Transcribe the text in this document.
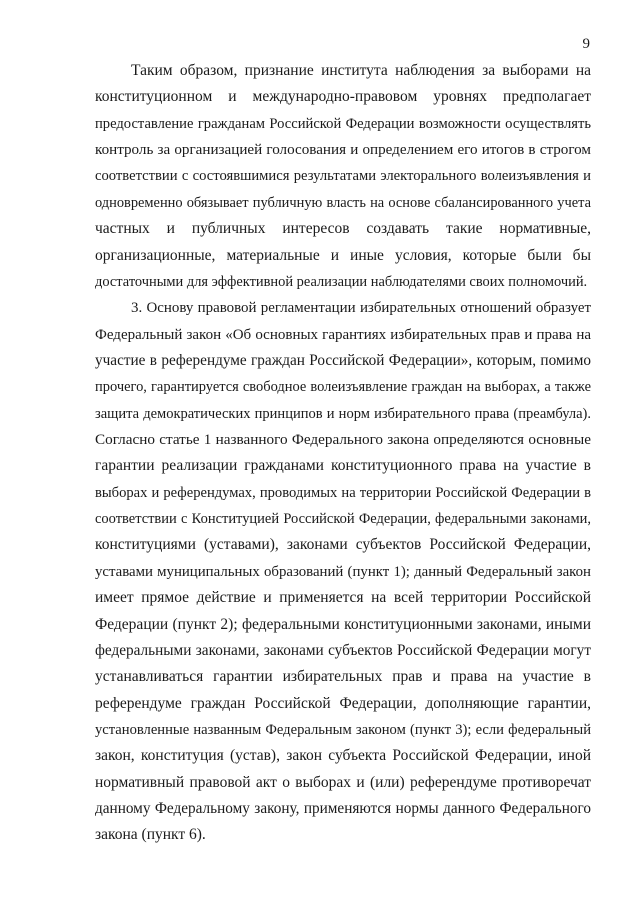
9
Таким образом, признание института наблюдения за выборами на
конституционном и международно-правовом уровнях предполагает
предоставление гражданам Российской Федерации возможности осуществлять
контроль за организацией голосования и определением его итогов в строгом
соответствии с состоявшимися результатами электорального волеизъявления и
одновременно обязывает публичную власть на основе сбалансированного учета
частных и публичных интересов создавать такие нормативные,
организационные, материальные и иные условия, которые были бы
достаточными для эффективной реализации наблюдателями своих полномочий.
3. Основу правовой регламентации избирательных отношений образует
Федеральный закон «Об основных гарантиях избирательных прав и права на
участие в референдуме граждан Российской Федерации», которым, помимо
прочего, гарантируется свободное волеизъявление граждан на выборах, а также
защита демократических принципов и норм избирательного права (преамбула).
Согласно статье 1 названного Федерального закона определяются основные
гарантии реализации гражданами конституционного права на участие в
выборах и референдумах, проводимых на территории Российской Федерации в
соответствии с Конституцией Российской Федерации, федеральными законами,
конституциями (уставами), законами субъектов Российской Федерации,
уставами муниципальных образований (пункт 1); данный Федеральный закон
имеет прямое действие и применяется на всей территории Российской
Федерации (пункт 2); федеральными конституционными законами, иными
федеральными законами, законами субъектов Российской Федерации могут
устанавливаться гарантии избирательных прав и права на участие в
референдуме граждан Российской Федерации, дополняющие гарантии,
установленные названным Федеральным законом (пункт 3); если федеральный
закон, конституция (устав), закон субъекта Российской Федерации, иной
нормативный правовой акт о выборах и (или) референдуме противоречат
данному Федеральному закону, применяются нормы данного Федерального
закона (пункт 6).
